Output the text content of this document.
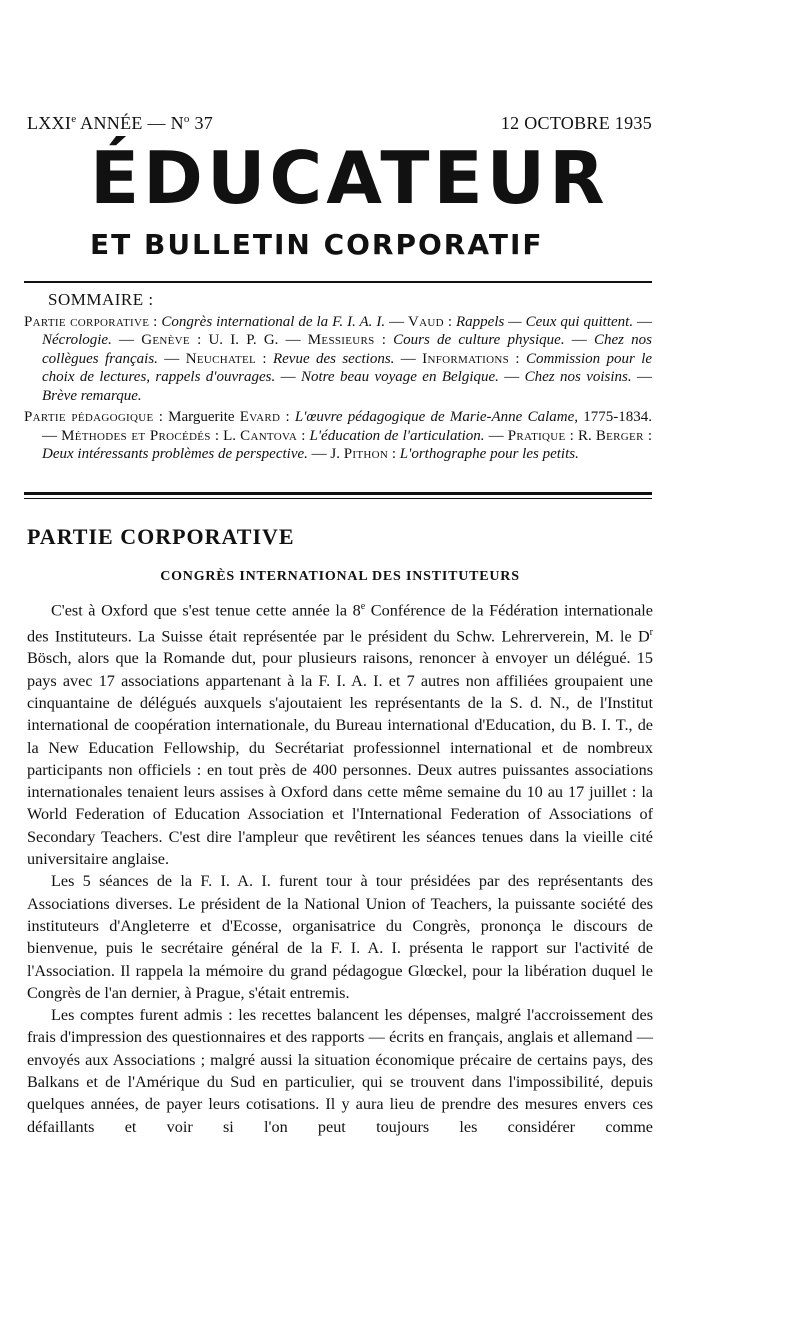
LXXIe ANNÉE — $N^o$ 37	12 OCTOBRE 1935
ÉDUCATEUR
ET BULLETIN CORPORATIF
SOMMAIRE :
Partie corporative : Congrès international de la F. I. A. I. — Vaud : Rappels — Ceux qui quittent. — Nécrologie. — Genève : U. I. P. G. — Messieurs : Cours de culture physique. — Chez nos collègues français. — Neuchatel : Revue des sections. — Informations : Commission pour le choix de lectures, rappels d'ouvrages. — Notre beau voyage en Belgique. — Chez nos voisins. — Brève remarque.
Partie pédagogique : Marguerite Evard : L'œuvre pédagogique de Marie-Anne Calame, 1775-1834. — Méthodes et Procédés : L. Cantova : L'éducation de l'articulation. — Pratique : R. Berger : Deux intéressants problèmes de perspective. — J. Pithon : L'orthographe pour les petits.
PARTIE CORPORATIVE
CONGRÈS INTERNATIONAL DES INSTITUTEURS

C'est à Oxford que s'est tenue cette année la 8e Conférence de la Fédération internationale des Instituteurs. La Suisse était représentée par le président du Schw. Lehrerverein, M. le $D^r$ Bösch, alors que la Romande dut, pour plusieurs raisons, renoncer à envoyer un délégué. 15 pays avec 17 associations appartenant à la F. I. A. I. et 7 autres non affiliées groupaient une cinquantaine de délégués auxquels s'ajoutaient les représentants de la S. d. N., de l'Institut international de coopération internationale, du Bureau international d'Education, du B. I. T., de la New Education Fellowship, du Secrétariat professionnel international et de nombreux participants non officiels : en tout près de 400 personnes. Deux autres puissantes associations internationales tenaient leurs assises à Oxford dans cette même semaine du 10 au 17 juillet : la World Federation of Education Association et l'International Federation of Associations of Secondary Teachers. C'est dire l'ampleur que revêtirent les séances tenues dans la vieille cité universitaire anglaise.

Les 5 séances de la F. I. A. I. furent tour à tour présidées par des représentants des Associations diverses. Le président de la National Union of Teachers, la puissante société des instituteurs d'Angleterre et d'Ecosse, organisatrice du Congrès, prononça le discours de bienvenue, puis le secrétaire général de la F. I. A. I. présenta le rapport sur l'activité de l'Association. Il rappela la mémoire du grand pédagogue Glœckel, pour la libération duquel le Congrès de l'an dernier, à Prague, s'était entremis.

Les comptes furent admis : les recettes balancent les dépenses, malgré l'accroissement des frais d'impression des questionnaires et des rapports — écrits en français, anglais et allemand — envoyés aux Associations ; malgré aussi la situation économique précaire de certains pays, des Balkans et de l'Amérique du Sud en particulier, qui se trouvent dans l'impossibilité, depuis quelques années, de payer leurs cotisations. Il y aura lieu de prendre des mesures envers ces défaillants et voir si l'on peut toujours les considérer comme
